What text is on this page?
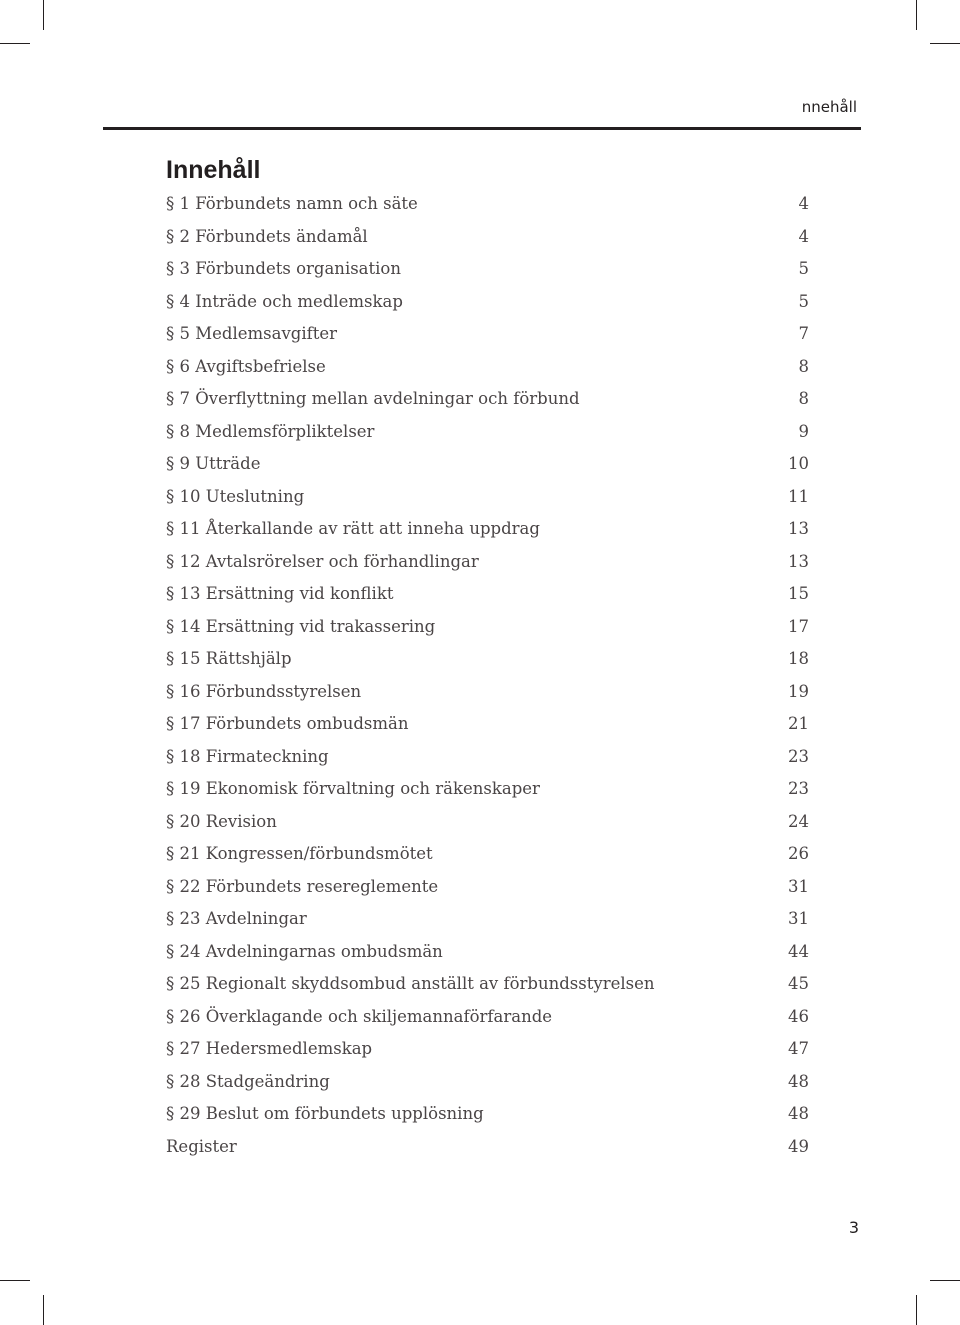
nnehåll
Innehåll
§ 1 Förbundets namn och säte	4
§ 2 Förbundets ändamål	4
§ 3 Förbundets organisation	5
§ 4 Inträde och medlemskap	5
§ 5 Medlemsavgifter	7
§ 6 Avgiftsbefrielse	8
§ 7 Överflyttning mellan avdelningar och förbund	8
§ 8 Medlemsförpliktelser	9
§ 9 Utträde	10
§ 10 Uteslutning	11
§ 11 Återkallande av rätt att inneha uppdrag	13
§ 12 Avtalsrörelser och förhandlingar	13
§ 13 Ersättning vid konflikt	15
§ 14 Ersättning vid trakassering	17
§ 15 Rättshjälp	18
§ 16 Förbundsstyrelsen	19
§ 17 Förbundets ombudsmän	21
§ 18 Firmateckning	23
§ 19 Ekonomisk förvaltning och räkenskaper	23
§ 20 Revision	24
§ 21 Kongressen/förbundsmötet	26
§ 22 Förbundets resereglemente	31
§ 23 Avdelningar	31
§ 24 Avdelningarnas ombudsmän	44
§ 25 Regionalt skyddsombud anställt av förbundsstyrelsen	45
§ 26 Överklagande och skiljemannaförfarande	46
§ 27 Hedersmedlemskap	47
§ 28 Stadgeändring	48
§ 29 Beslut om förbundets upplösning	48
Register	49
3
